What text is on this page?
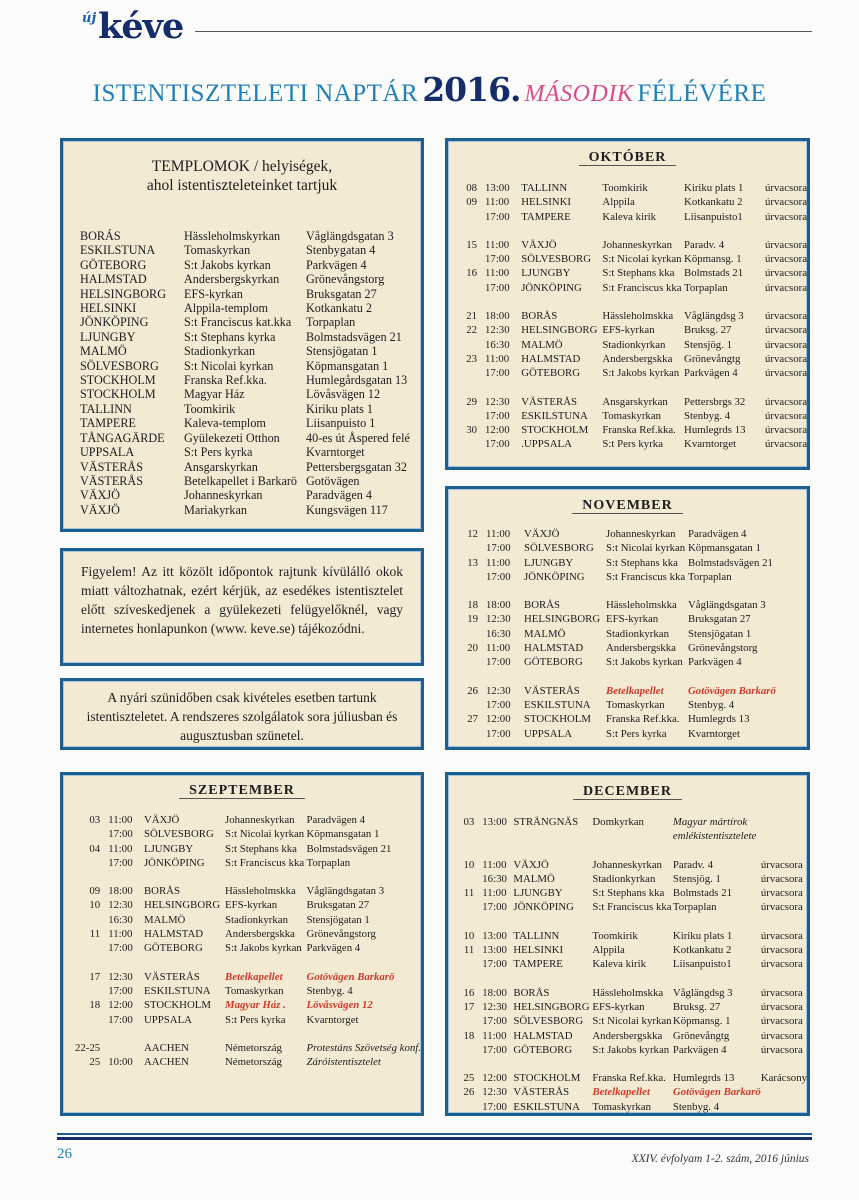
új kéve
ISTENTISZTELETI NAPTÁR 2016. MÁSODIK FÉLÉVÉRE
TEMPLOMOK / helyiségek,
ahol istentiszteleteinket tartjuk
BORÁS	Hässleholmskyrkan	Våglängdsgatan 3
ESKILSTUNA	Tomaskyrkan	Stenbygatan 4
GÖTEBORG	S:t Jakobs kyrkan	Parkvägen 4
HALMSTAD	Andersbergskyrkan	Grönevångstorg
HELSINGBORG	EFS-kyrkan	Bruksgatan 27
HELSINKI	Alppila-templom	Kotkankatu 2
JÖNKÖPING	S:t Franciscus kat.kka	Torpaplan
LJUNGBY	S:t Stephans kyrka	Bolmstadsvägen 21
MALMÖ	Stadionkyrkan	Stensjögatan 1
SÖLVESBORG	S:t Nicolai kyrkan	Köpmansgatan 1
STOCKHOLM	Franska Ref.kka.	Humlegårdsgatan 13
STOCKHOLM	Magyar Ház	Lövåsvägen 12
TALLINN	Toomkirik	Kiriku plats 1
TAMPERE	Kaleva-templom	Liisanpuisto 1
TÅNGAGÄRDE	Gyülekezeti Otthon	40-es út Åspered felé
UPPSALA	S:t Pers kyrka	Kvarntorget
VÄSTERÅS	Ansgarskyrkan	Pettersbergsgatan 32
VÄSTERÅS	Betelkapellet i Barkarö	Gotövägen
VÄXJÖ	Johanneskyrkan	Paradvägen 4
VÄXJÖ	Mariakyrkan	Kungsvägen 117
Figyelem! Az itt közölt időpontok rajtunk kívülálló okok miatt változhatnak, ezért kérjük, az esedékes istentisztelet előtt szíveskedjenek a gyülekezeti felügyelőknél, vagy internetes honlapunkon (www. keve.se) tájékozódni.
A nyári szünidőben csak kivételes esetben tartunk istentiszteletet. A rendszeres szolgálatok sora júliusban és augusztusban szünetel.
SZEPTEMBER
03	11:00	VÄXJÖ	Johanneskyrkan	Paradvägen 4	
	17:00	SÖLVESBORG	S:t Nicolai kyrkan	Köpmansgatan 1	
04	11:00	LJUNGBY	S:t Stephans kka	Bolmstadsvägen 21	
	17:00	JÖNKÖPING	S:t Franciscus kka	Torpaplan	

09	18:00	BORÅS	Hässleholmskka	Våglängdsgatan 3	
10	12:30	HELSINGBORG	EFS-kyrkan	Bruksgatan 27	
	16:30	MALMÖ	Stadionkyrkan	Stensjögatan 1	
11	11:00	HALMSTAD	Andersbergskka	Grönevångstorg	
	17:00	GÖTEBORG	S:t Jakobs kyrkan	Parkvägen 4	

17	12:30	VÄSTERÅS	Betelkapellet	Gotövägen Barkarö	
	17:00	ESKILSTUNA	Tomaskyrkan	Stenbyg. 4	
18	12:00	STOCKHOLM	Magyar Ház .	Lövåsvägen 12	
	17:00	UPPSALA	S:t Pers kyrka	Kvarntorget	

22-25		AACHEN	Németország	Protestáns Szövetség konf.	
25	10:00	AACHEN	Németország	Záróistentisztelet	
OKTÓBER
08	13:00	TALLINN	Toomkirik	Kiriku plats 1	úrvacsora
09	11:00	HELSINKI	Alppila	Kotkankatu 2	úrvacsora
	17:00	TAMPERE	Kaleva kirik	Liisanpuisto1	úrvacsora

15	11:00	VÄXJÖ	Johanneskyrkan	Paradv. 4	úrvacsora
	17:00	SÖLVESBORG	S:t Nicolai kyrkan	Köpmansg. 1	úrvacsora
16	11:00	LJUNGBY	S:t Stephans kka	Bolmstads 21	úrvacsora
	17:00	JÖNKÖPING	S:t Franciscus kka	Torpaplan	úrvacsora

21	18:00	BORÅS	Hässleholmskka	Våglängdsg 3	úrvacsora
22	12:30	HELSINGBORG	EFS-kyrkan	Bruksg. 27	úrvacsora
	16:30	MALMÖ	Stadionkyrkan	Stensjög. 1	úrvacsora
23	11:00	HALMSTAD	Andersbergskka	Grönevångtg	úrvacsora
	17:00	GÖTEBORG	S:t Jakobs kyrkan	Parkvägen 4	úrvacsora

29	12:30	VÄSTERÅS	Ansgarskyrkan	Pettersbrgs 32	úrvacsora
	17:00	ESKILSTUNA	Tomaskyrkan	Stenbyg. 4	úrvacsora
30	12:00	STOCKHOLM	Franska Ref.kka.	Humlegrds 13	úrvacsora
	17:00	.UPPSALA	S:t Pers kyrka	Kvarntorget	úrvacsora
NOVEMBER
12	11:00	VÄXJÖ	Johanneskyrkan	Paradvägen 4	
	17:00	SÖLVESBORG	S:t Nicolai kyrkan	Köpmansgatan 1	
13	11:00	LJUNGBY	S:t Stephans kka	Bolmstadsvägen 21	
	17:00	JÖNKÖPING	S:t Franciscus kka	Torpaplan	

18	18:00	BORÅS	Hässleholmskka	Våglängdsgatan 3	
19	12:30	HELSINGBORG	EFS-kyrkan	Bruksgatan 27	
	16:30	MALMÖ	Stadionkyrkan	Stensjögatan 1	
20	11:00	HALMSTAD	Andersbergskka	Grönevångstorg	
	17:00	GÖTEBORG	S:t Jakobs kyrkan	Parkvägen 4	

26	12:30	VÄSTERÅS	Betelkapellet	Gotövägen Barkarö	
	17:00	ESKILSTUNA	Tomaskyrkan	Stenbyg. 4	
27	12:00	STOCKHOLM	Franska Ref.kka.	Humlegrds 13	
	17:00	UPPSALA	S:t Pers kyrka	Kvarntorget	
DECEMBER
03	13:00	STRÄNGNÄS	Domkyrkan	Magyar mártírok	
				emlékistentisztelete	

10	11:00	VÄXJÖ	Johanneskyrkan	Paradv. 4	úrvacsora
	16:30	MALMÖ	Stadionkyrkan	Stensjög. 1	úrvacsora
11	11:00	LJUNGBY	S:t Stephans kka	Bolmstads 21	úrvacsora
	17:00	JÖNKÖPING	S:t Franciscus kka	Torpaplan	úrvacsora

10	13:00	TALLINN	Toomkirik	Kiriku plats 1	úrvacsora
11	13:00	HELSINKI	Alppila	Kotkankatu 2	úrvacsora
	17:00	TAMPERE	Kaleva kirik	Liisanpuisto1	úrvacsora

16	18:00	BORÅS	Hässleholmskka	Våglängdsg 3	úrvacsora
17	12:30	HELSINGBORG	EFS-kyrkan	Bruksg. 27	úrvacsora
	17:00	SÖLVESBORG	S:t Nicolai kyrkan	Köpmansg. 1	úrvacsora
18	11:00	HALMSTAD	Andersbergskka	Grönevångtg	úrvacsora
	17:00	GÖTEBORG	S:t Jakobs kyrkan	Parkvägen 4	úrvacsora

25	12:00	STOCKHOLM	Franska Ref.kka.	Humlegrds 13	Karácsony
26	12:30	VÄSTERÅS	Betelkapellet	Gotövägen Barkarö	
	17:00	ESKILSTUNA	Tomaskyrkan	Stenbyg. 4	
26	XXIV. évfolyam 1-2. szám, 2016 június
